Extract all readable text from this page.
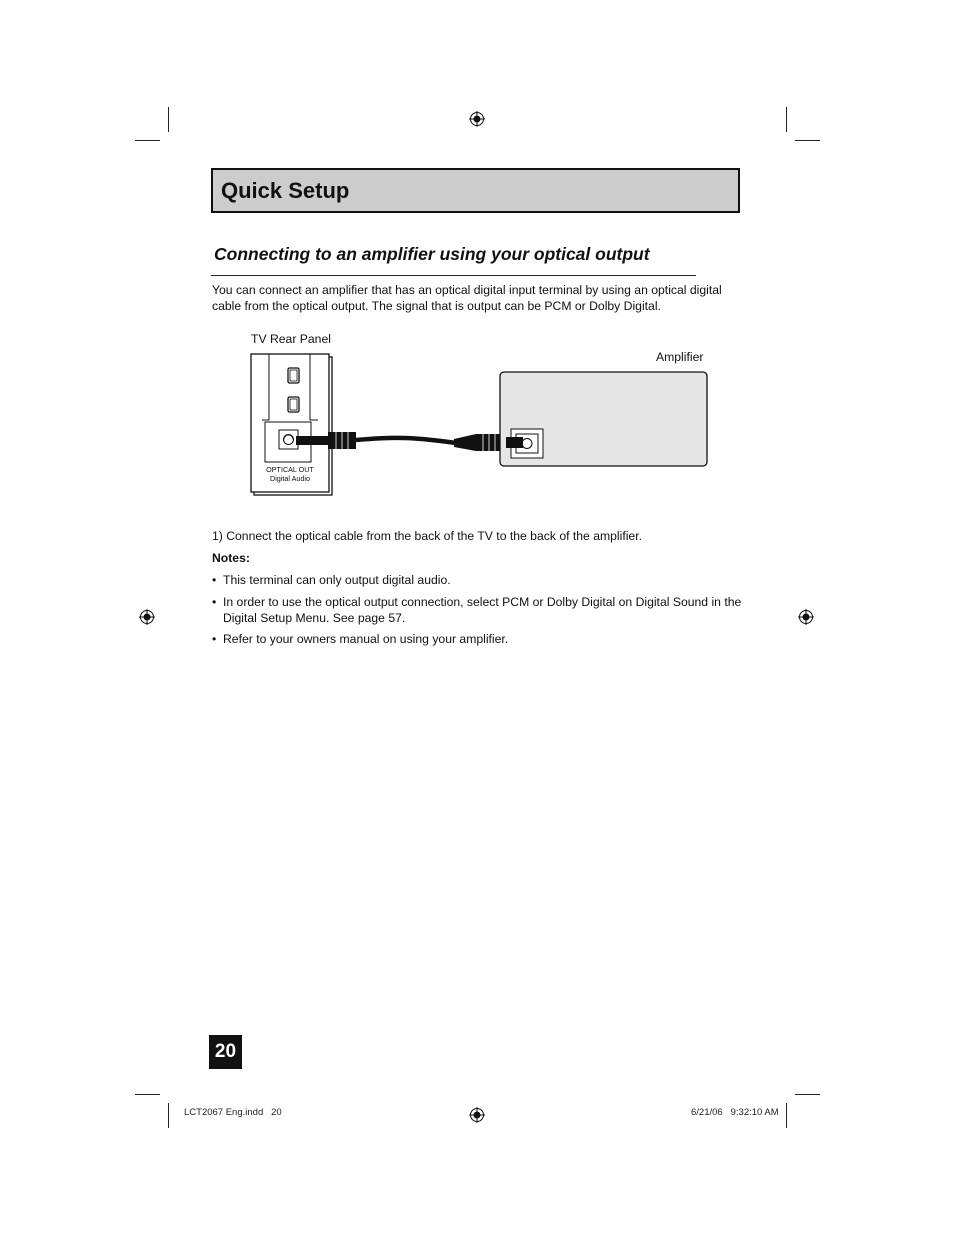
Quick Setup
Connecting to an amplifier using your optical output
You can connect an amplifier that has an optical digital input terminal by using an optical digital cable from the optical output. The signal that is output can be PCM or Dolby Digital.
TV Rear Panel
Amplifier
OPTICAL OUT
Digital Audio
1) Connect the optical cable from the back of the TV to the back of the amplifier.
Notes:
• This terminal can only output digital audio.
• In order to use the optical output connection, select PCM or Dolby Digital on Digital Sound in the Digital Setup Menu. See page 57.
• Refer to your owners manual on using your amplifier.
20
LCT2067 Eng.indd   20	6/21/06   9:32:10 AM
